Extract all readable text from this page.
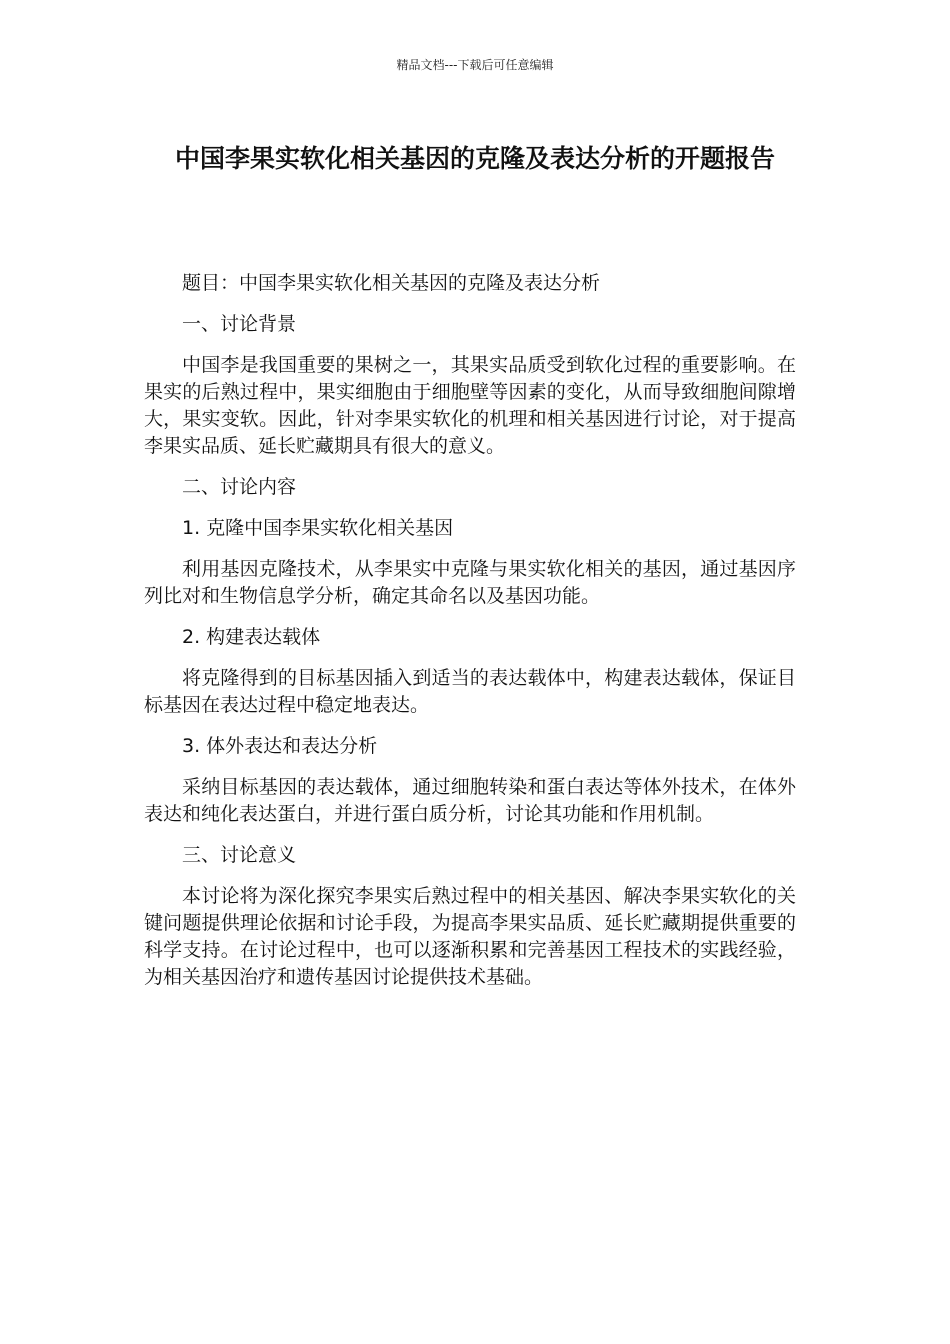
精品文档---下载后可任意编辑
中国李果实软化相关基因的克隆及表达分析的开题报告

题目：中国李果实软化相关基因的克隆及表达分析

一、讨论背景

中国李是我国重要的果树之一，其果实品质受到软化过程的重要影响。在果实的后熟过程中，果实细胞由于细胞壁等因素的变化，从而导致细胞间隙增大，果实变软。因此，针对李果实软化的机理和相关基因进行讨论，对于提高李果实品质、延长贮藏期具有很大的意义。

二、讨论内容

1. 克隆中国李果实软化相关基因

利用基因克隆技术，从李果实中克隆与果实软化相关的基因，通过基因序列比对和生物信息学分析，确定其命名以及基因功能。

2. 构建表达载体

将克隆得到的目标基因插入到适当的表达载体中，构建表达载体，保证目标基因在表达过程中稳定地表达。

3. 体外表达和表达分析

采纳目标基因的表达载体，通过细胞转染和蛋白表达等体外技术，在体外表达和纯化表达蛋白，并进行蛋白质分析，讨论其功能和作用机制。

三、讨论意义

本讨论将为深化探究李果实后熟过程中的相关基因、解决李果实软化的关键问题提供理论依据和讨论手段，为提高李果实品质、延长贮藏期提供重要的科学支持。在讨论过程中，也可以逐渐积累和完善基因工程技术的实践经验，为相关基因治疗和遗传基因讨论提供技术基础。
